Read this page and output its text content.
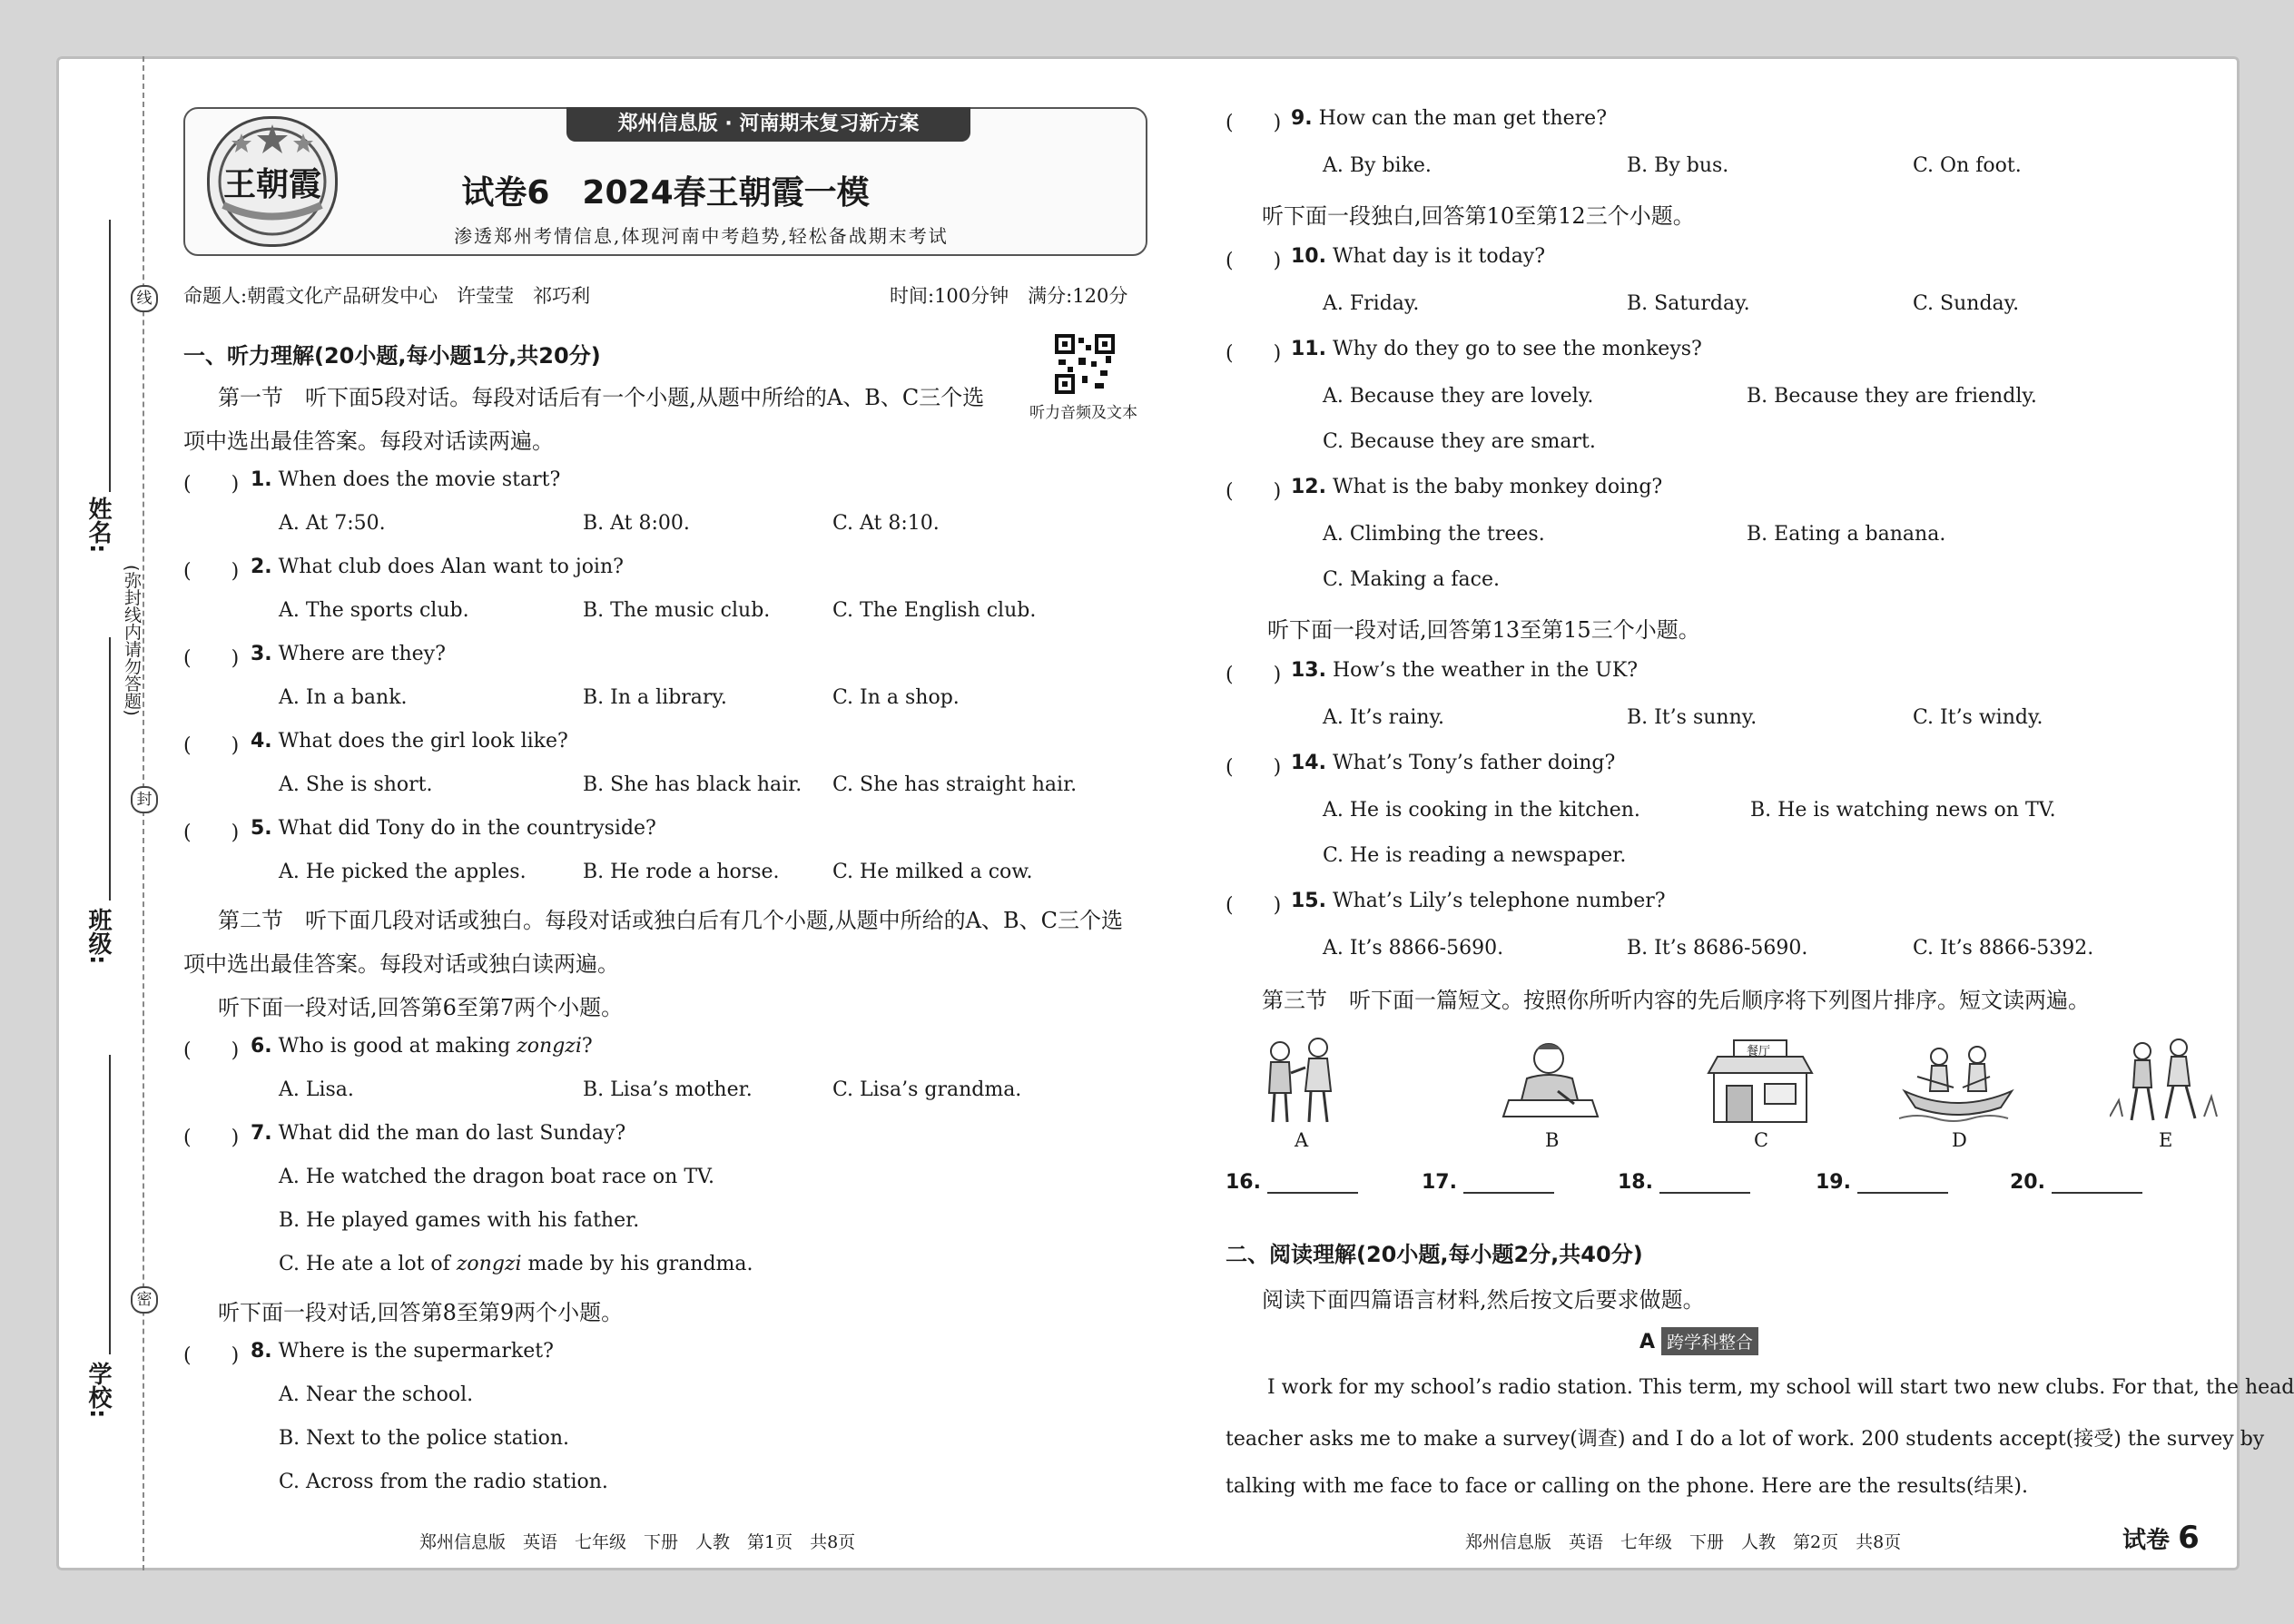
线
封
密
姓名:
班级:
学校:
(弥封线内请勿答题)
郑州信息版 · 河南期末复习新方案
王朝霞	试卷6　2024春王朝霞一模
渗透郑州考情信息,体现河南中考趋势,轻松备战期末考试
命题人:朝霞文化产品研发中心　许莹莹　祁巧利	时间:100分钟　满分:120分
一、听力理解(20小题,每小题1分,共20分)
听力音频及文本
第一节　听下面5段对话。每段对话后有一个小题,从题中所给的A、B、C三个选
项中选出最佳答案。每段对话读两遍。
(　　) 1. When does the movie start?
A. At 7:50.	B. At 8:00.	C. At 8:10.
(　　) 2. What club does Alan want to join?
A. The sports club.	B. The music club.	C. The English club.
(　　) 3. Where are they?
A. In a bank.	B. In a library.	C. In a shop.
(　　) 4. What does the girl look like?
A. She is short.	B. She has black hair. C. She has straight hair.
(　　) 5. What did Tony do in the countryside?
A. He picked the apples.	B. He rode a horse.	C. He milked a cow.
第二节　听下面几段对话或独白。每段对话或独白后有几个小题,从题中所给的A、B、C三个选
项中选出最佳答案。每段对话或独白读两遍。
听下面一段对话,回答第6至第7两个小题。
(　　) 6. Who is good at making zongzi?
A. Lisa.	B. Lisa’s mother.	C. Lisa’s grandma.
(　　) 7. What did the man do last Sunday?
A. He watched the dragon boat race on TV.
B. He played games with his father.
C. He ate a lot of zongzi made by his grandma.
听下面一段对话,回答第8至第9两个小题。
(　　) 8. Where is the supermarket?
A. Near the school.
B. Next to the police station.
C. Across from the radio station.
郑州信息版　英语　七年级　下册　人教　第1页　共8页
(　　) 9. How can the man get there?
A. By bike.	B. By bus.	C. On foot.
听下面一段独白,回答第10至第12三个小题。
(　　) 10. What day is it today?
A. Friday.	B. Saturday.	C. Sunday.
(　　) 11. Why do they go to see the monkeys?
A. Because they are lovely.	B. Because they are friendly.
C. Because they are smart.
(　　) 12. What is the baby monkey doing?
A. Climbing the trees.	B. Eating a banana.
C. Making a face.
听下面一段对话,回答第13至第15三个小题。
(　　) 13. How’s the weather in the UK?
A. It’s rainy.	B. It’s sunny.	C. It’s windy.
(　　) 14. What’s Tony’s father doing?
A. He is cooking in the kitchen.	B. He is watching news on TV.
C. He is reading a newspaper.
(　　) 15. What’s Lily’s telephone number?
A. It’s 8866-5690.	B. It’s 8686-5690.	C. It’s 8866-5392.
第三节　听下面一篇短文。按照你所听内容的先后顺序将下列图片排序。短文读两遍。
A	B
餐厅
C	D	E
16.	17.	18.	19.	20.
二、阅读理解(20小题,每小题2分,共40分)
阅读下面四篇语言材料,然后按文后要求做题。
A 跨学科整合
I work for my school’s radio station. This term, my school will start two new clubs. For that, the head
teacher asks me to make a survey(调查) and I do a lot of work. 200 students accept(接受) the survey by
talking with me face to face or calling on the phone. Here are the results(结果).
郑州信息版　英语　七年级　下册　人教　第2页　共8页	试卷 6
